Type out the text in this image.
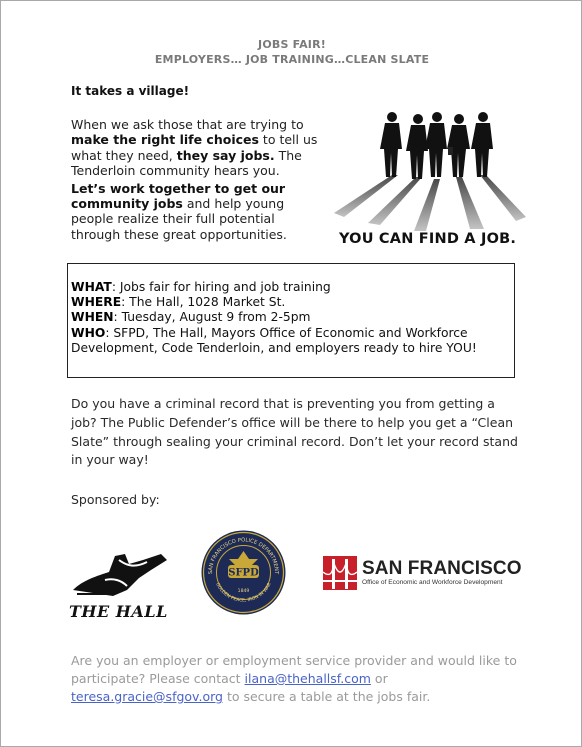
JOBS FAIR!
EMPLOYERS… JOB TRAINING…CLEAN SLATE
It takes a village!
When we ask those that are trying to make the right life choices to tell us what they need, they say jobs. The Tenderloin community hears you.
Let’s work together to get our community jobs and help young people realize their full potential through these great opportunities.	YOU CAN FIND A JOB.
WHAT: Jobs fair for hiring and job training
WHERE: The Hall, 1028 Market St.
WHEN: Tuesday, August 9 from 2-5pm
WHO: SFPD, The Hall, Mayors Office of Economic and Workforce Development, Code Tenderloin, and employers ready to hire YOU!
Do you have a criminal record that is preventing you from getting a job? The Public Defender’s office will be there to help you get a “Clean Slate” through sealing your criminal record. Don’t let your record stand in your way!
Sponsored by:
THE HALL
SAN FRANCISCO POLICE DEPARTMENT
GOLDEN PEACE, IRON IN WAR
SFPD
1849
SAN FRANCISCO
Office of Economic and Workforce Development
Are you an employer or employment service provider and would like to participate? Please contact ilana@thehallsf.com or teresa.gracie@sfgov.org to secure a table at the jobs fair.
